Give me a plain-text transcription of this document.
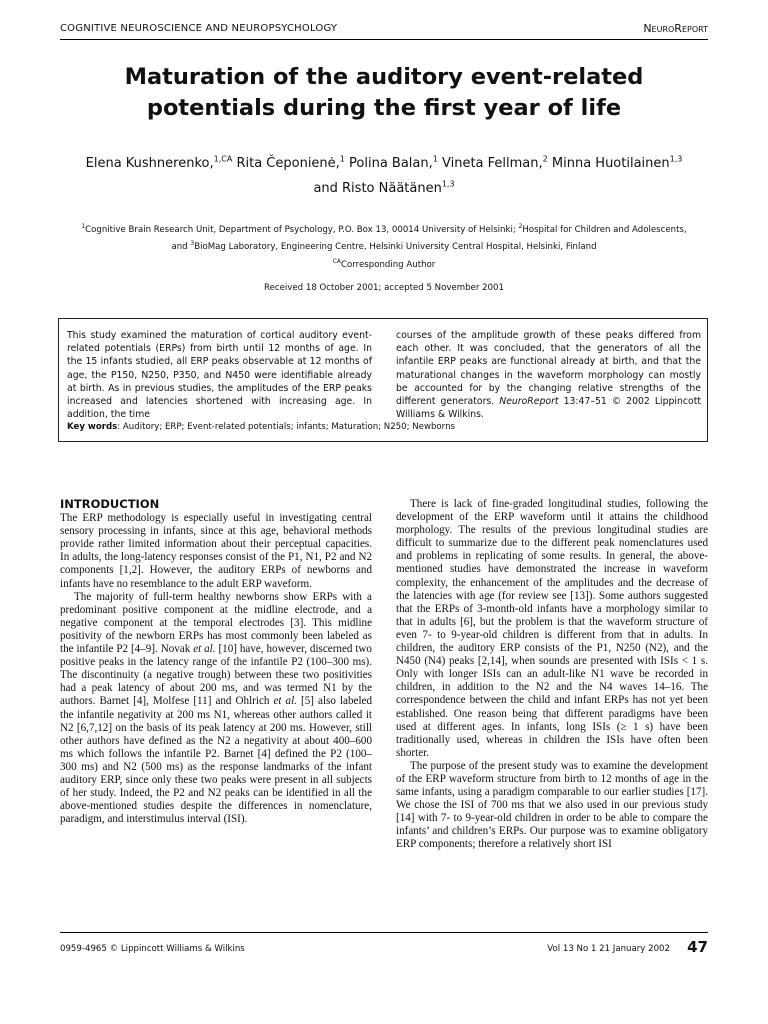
COGNITIVE NEUROSCIENCE AND NEUROPSYCHOLOGY	NeuroReport
Maturation of the auditory event-related potentials during the first year of life
Elena Kushnerenko,$^{1,CA}$ Rita Čeponienė,$^1$ Polina Balan,$^1$ Vineta Fellman,$^2$ Minna Huotilainen$^{1,3}$
and Risto Näätänen$^{1,3}$
$^1$Cognitive Brain Research Unit, Department of Psychology, P.O. Box 13, 00014 University of Helsinki; $^2$Hospital for Children and Adolescents,
and $^3$BioMag Laboratory, Engineering Centre, Helsinki University Central Hospital, Helsinki, Finland
$^{CA}$Corresponding Author
Received 18 October 2001; accepted 5 November 2001
This study examined the maturation of cortical auditory event-related potentials (ERPs) from birth until 12 months of age. In the 15 infants studied, all ERP peaks observable at 12 months of age, the P150, N250, P350, and N450 were identifiable already at birth. As in previous studies, the amplitudes of the ERP peaks increased and latencies shortened with increasing age. In addition, the time
courses of the amplitude growth of these peaks differed from each other. It was concluded, that the generators of all the infantile ERP peaks are functional already at birth, and that the maturational changes in the waveform morphology can mostly be accounted for by the changing relative strengths of the different generators. NeuroReport 13:47–51 © 2002 Lippincott Williams & Wilkins.
Key words: Auditory; ERP; Event-related potentials; infants; Maturation; N250; Newborns
INTRODUCTION

The ERP methodology is especially useful in investigating central sensory processing in infants, since at this age, behavioral methods provide rather limited information about their perceptual capacities. In adults, the long-latency responses consist of the P1, N1, P2 and N2 components [1,2]. However, the auditory ERPs of newborns and infants have no resemblance to the adult ERP waveform.

The majority of full-term healthy newborns show ERPs with a predominant positive component at the midline electrode, and a negative component at the temporal electrodes [3]. This midline positivity of the newborn ERPs has most commonly been labeled as the infantile P2 [4–9]. Novak et al. [10] have, however, discerned two positive peaks in the latency range of the infantile P2 (100–300 ms). The discontinuity (a negative trough) between these two positivities had a peak latency of about 200 ms, and was termed N1 by the authors. Barnet [4], Molfese [11] and Ohlrich et al. [5] also labeled the infantile negativity at 200 ms N1, whereas other authors called it N2 [6,7,12] on the basis of its peak latency at 200 ms. However, still other authors have defined as the N2 a negativity at about 400–600 ms which follows the infantile P2. Barnet [4] defined the P2 (100–300 ms) and N2 (500 ms) as the response landmarks of the infant auditory ERP, since only these two peaks were present in all subjects of her study. Indeed, the P2 and N2 peaks can be identified in all the above-mentioned studies despite the differences in nomenclature, paradigm, and interstimulus interval (ISI).

There is lack of fine-graded longitudinal studies, following the development of the ERP waveform until it attains the childhood morphology. The results of the previous longitudinal studies are difficult to summarize due to the different peak nomenclatures used and problems in replicating of some results. In general, the above-mentioned studies have demonstrated the increase in waveform complexity, the enhancement of the amplitudes and the decrease of the latencies with age (for review see [13]). Some authors suggested that the ERPs of 3-month-old infants have a morphology similar to that in adults [6], but the problem is that the waveform structure of even 7- to 9-year-old children is different from that in adults. In children, the auditory ERP consists of the P1, N250 (N2), and the N450 (N4) peaks [2,14], when sounds are presented with ISIs < 1 s. Only with longer ISIs can an adult-like N1 wave be recorded in children, in addition to the N2 and the N4 waves 14–16. The correspondence between the child and infant ERPs has not yet been established. One reason being that different paradigms have been used at different ages. In infants, long ISIs (≥ 1 s) have been traditionally used, whereas in children the ISIs have often been shorter.

The purpose of the present study was to examine the development of the ERP waveform structure from birth to 12 months of age in the same infants, using a paradigm comparable to our earlier studies [17]. We chose the ISI of 700 ms that we also used in our previous study [14] with 7- to 9-year-old children in order to be able to compare the infants’ and children’s ERPs. Our purpose was to examine obligatory ERP components; therefore a relatively short ISI

0959-4965 © Lippincott Williams & Wilkins	Vol 13 No 1 21 January 2002 47
